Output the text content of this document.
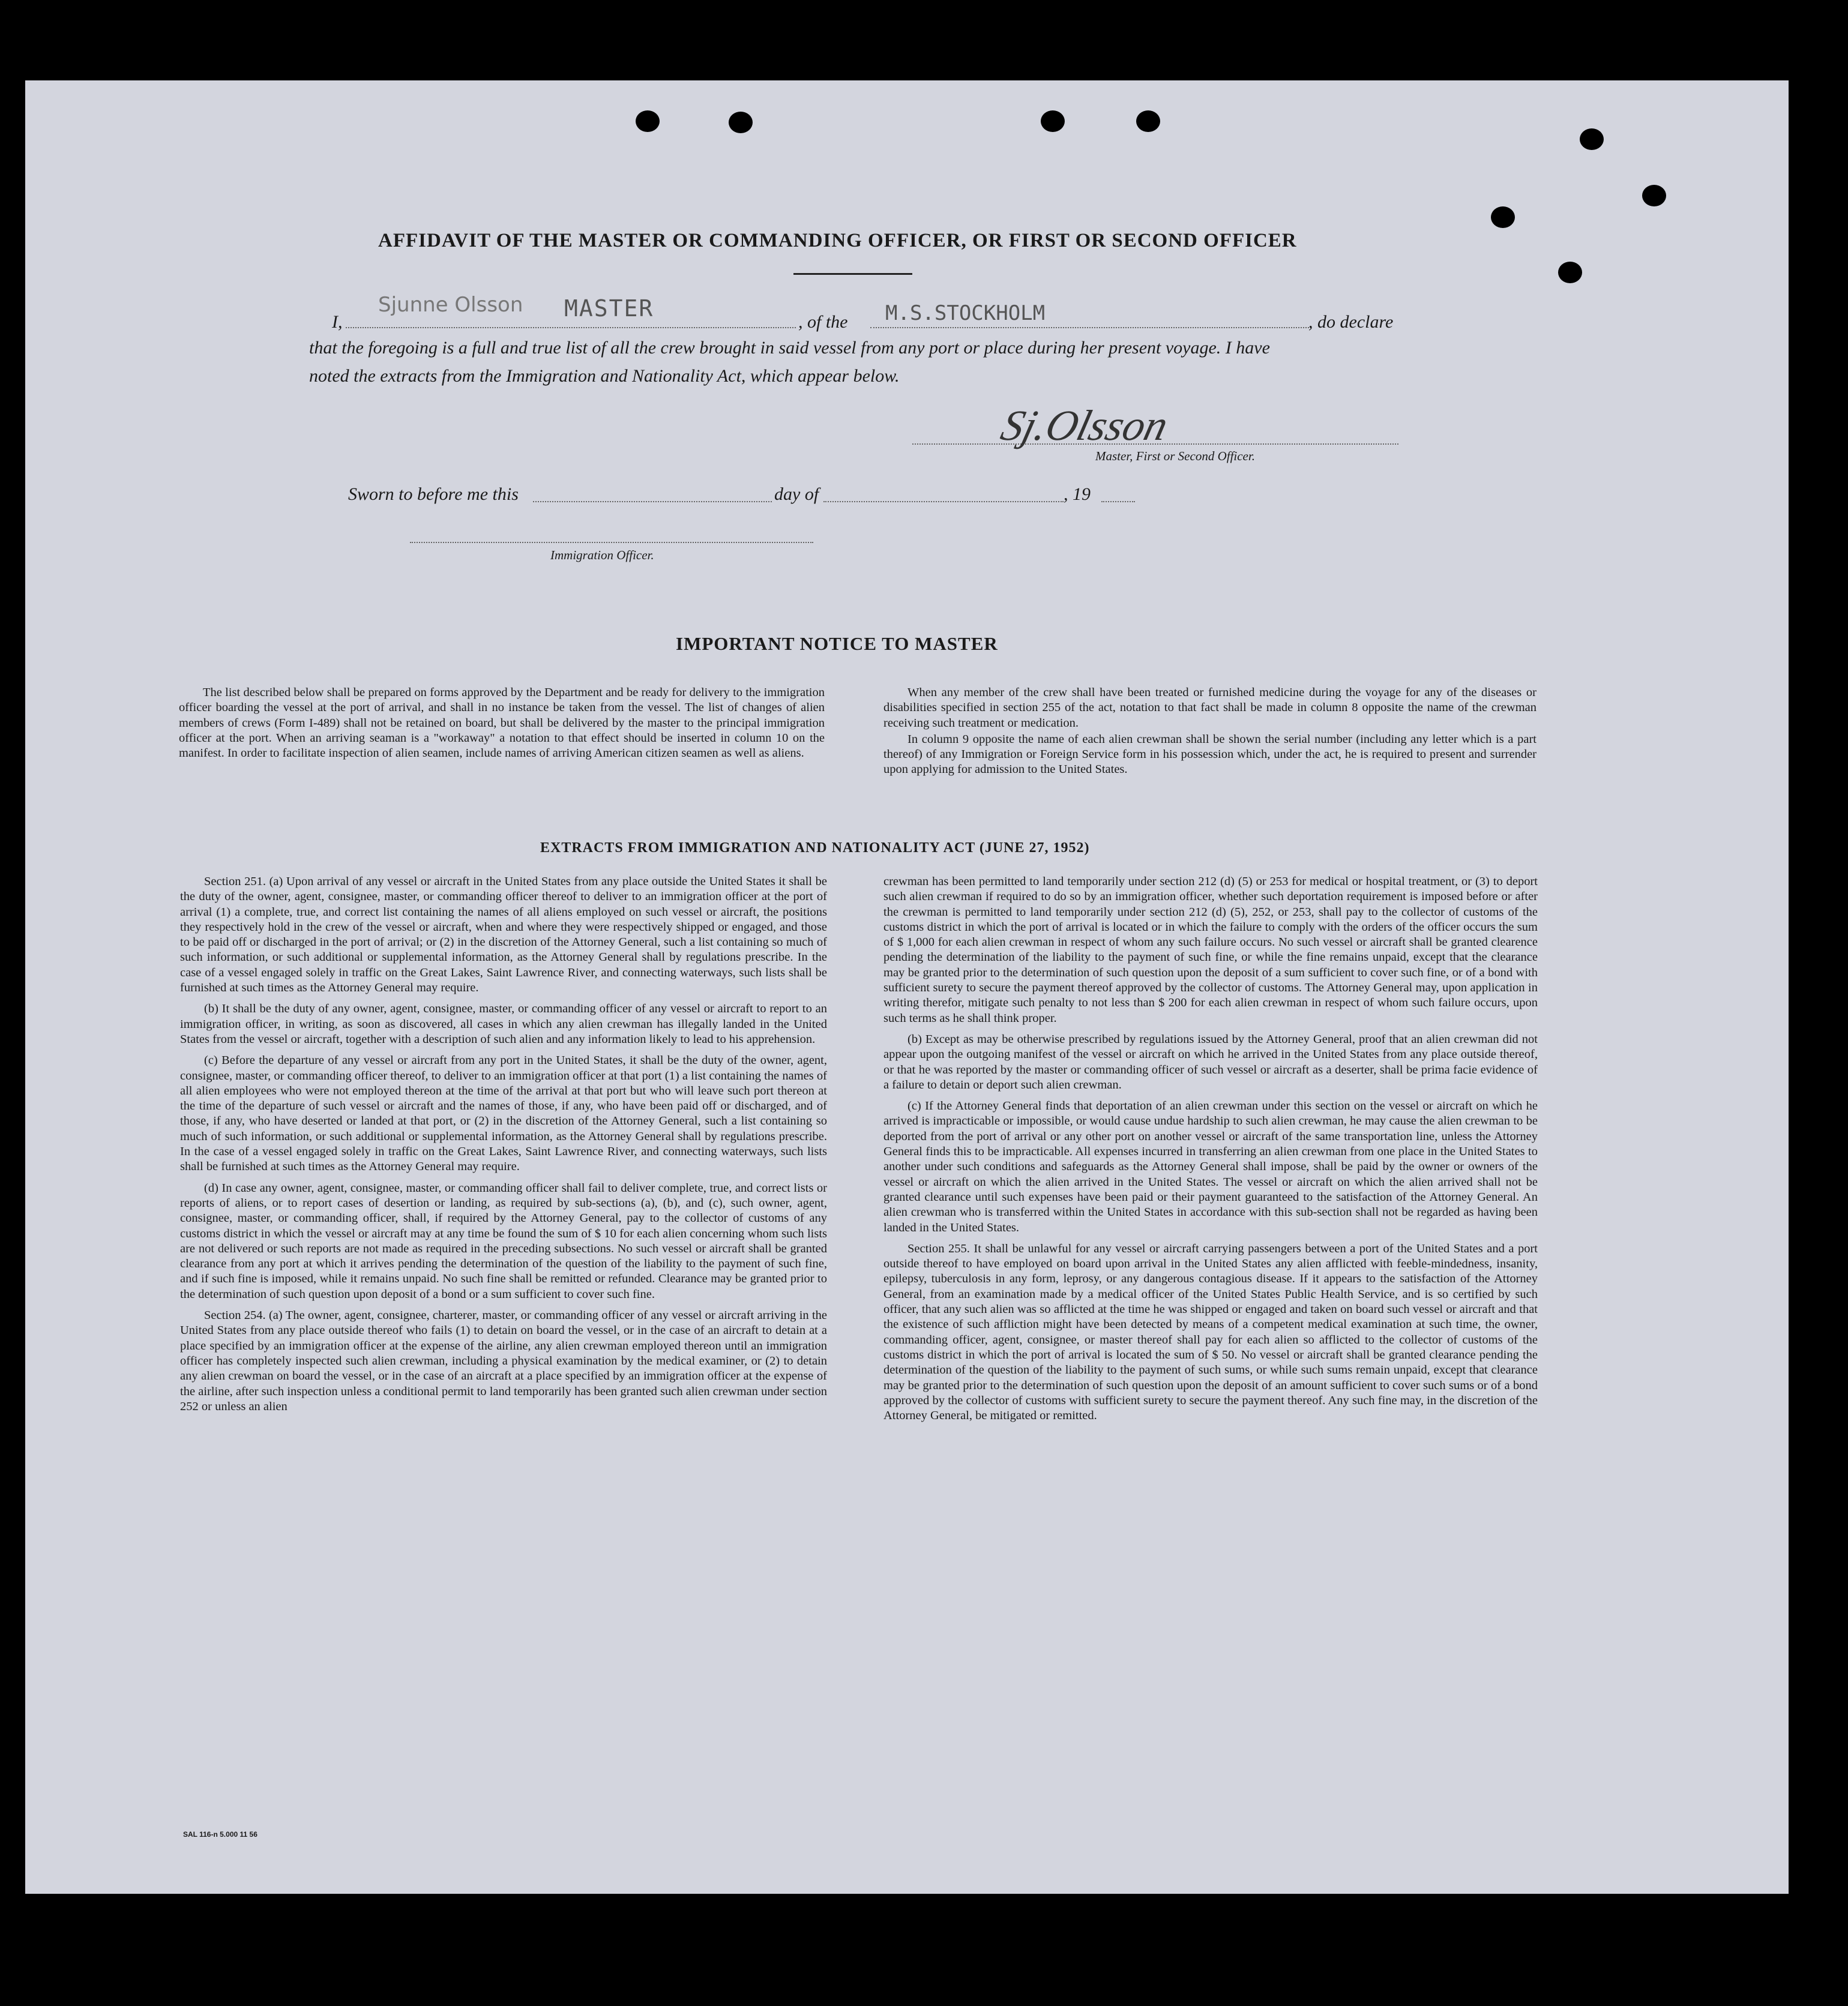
AFFIDAVIT OF THE MASTER OR COMMANDING OFFICER, OR FIRST OR SECOND OFFICER
I,
Sjunne Olsson MASTER
, of the M.S.STOCKHOLM	, do declare
that the foregoing is a full and true list of all the crew brought in said vessel from any port or place during her present voyage. I have
noted the extracts from the Immigration and Nationality Act, which appear below.
Sj.Olsson
Master, First or Second Officer.
Sworn to before me this	day of	, 19
Immigration Officer.
IMPORTANT NOTICE TO MASTER

The list described below shall be prepared on forms approved by the Department and be ready for delivery to the immigration officer boarding the vessel at the port of arrival, and shall in no instance be taken from the vessel. The list of changes of alien members of crews (Form I-489) shall not be retained on board, but shall be delivered by the master to the principal immigration officer at the port. When an arriving seaman is a "workaway" a notation to that effect should be inserted in column 10 on the manifest. In order to facilitate inspection of alien seamen, include names of arriving American citizen seamen as well as aliens.

When any member of the crew shall have been treated or furnished medicine during the voyage for any of the diseases or disabilities specified in section 255 of the act, notation to that fact shall be made in column 8 opposite the name of the crewman receiving such treatment or medication.

In column 9 opposite the name of each alien crewman shall be shown the serial number (including any letter which is a part thereof) of any Immigration or Foreign Service form in his possession which, under the act, he is required to present and surrender upon applying for admission to the United States.

EXTRACTS FROM IMMIGRATION AND NATIONALITY ACT (JUNE 27, 1952)

Section 251. (a) Upon arrival of any vessel or aircraft in the United States from any place outside the United States it shall be the duty of the owner, agent, consignee, master, or commanding officer thereof to deliver to an immigration officer at the port of arrival (1) a complete, true, and correct list containing the names of all aliens employed on such vessel or aircraft, the positions they respectively hold in the crew of the vessel or aircraft, when and where they were respectively shipped or engaged, and those to be paid off or discharged in the port of arrival; or (2) in the discretion of the Attorney General, such a list containing so much of such information, or such additional or supplemental information, as the Attorney General shall by regulations prescribe. In the case of a vessel engaged solely in traffic on the Great Lakes, Saint Lawrence River, and connecting waterways, such lists shall be furnished at such times as the Attorney General may require.

(b) It shall be the duty of any owner, agent, consignee, master, or commanding officer of any vessel or aircraft to report to an immigration officer, in writing, as soon as discovered, all cases in which any alien crewman has illegally landed in the United States from the vessel or aircraft, together with a description of such alien and any information likely to lead to his apprehension.

(c) Before the departure of any vessel or aircraft from any port in the United States, it shall be the duty of the owner, agent, consignee, master, or commanding officer thereof, to deliver to an immigration officer at that port (1) a list containing the names of all alien employees who were not employed thereon at the time of the arrival at that port but who will leave such port thereon at the time of the departure of such vessel or aircraft and the names of those, if any, who have been paid off or discharged, and of those, if any, who have deserted or landed at that port, or (2) in the discretion of the Attorney General, such a list containing so much of such information, or such additional or supplemental information, as the Attorney General shall by regulations prescribe. In the case of a vessel engaged solely in traffic on the Great Lakes, Saint Lawrence River, and connecting waterways, such lists shall be furnished at such times as the Attorney General may require.

(d) In case any owner, agent, consignee, master, or commanding officer shall fail to deliver complete, true, and correct lists or reports of aliens, or to report cases of desertion or landing, as required by sub-sections (a), (b), and (c), such owner, agent, consignee, master, or commanding officer, shall, if required by the Attorney General, pay to the collector of customs of any customs district in which the vessel or aircraft may at any time be found the sum of $ 10 for each alien concerning whom such lists are not delivered or such reports are not made as required in the preceding subsections. No such vessel or aircraft shall be granted clearance from any port at which it arrives pending the determination of the question of the liability to the payment of such fine, and if such fine is imposed, while it remains unpaid. No such fine shall be remitted or refunded. Clearance may be granted prior to the determination of such question upon deposit of a bond or a sum sufficient to cover such fine.

Section 254. (a) The owner, agent, consignee, charterer, master, or commanding officer of any vessel or aircraft arriving in the United States from any place outside thereof who fails (1) to detain on board the vessel, or in the case of an aircraft to detain at a place specified by an immigration officer at the expense of the airline, any alien crewman employed thereon until an immigration officer has completely inspected such alien crewman, including a physical examination by the medical examiner, or (2) to detain any alien crewman on board the vessel, or in the case of an aircraft at a place specified by an immigration officer at the expense of the airline, after such inspection unless a conditional permit to land temporarily has been granted such alien crewman under section 252 or unless an alien

crewman has been permitted to land temporarily under section 212 (d) (5) or 253 for medical or hospital treatment, or (3) to deport such alien crewman if required to do so by an immigration officer, whether such deportation requirement is imposed before or after the crewman is permitted to land temporarily under section 212 (d) (5), 252, or 253, shall pay to the collector of customs of the customs district in which the port of arrival is located or in which the failure to comply with the orders of the officer occurs the sum of $ 1,000 for each alien crewman in respect of whom any such failure occurs. No such vessel or aircraft shall be granted clearence pending the determination of the liability to the payment of such fine, or while the fine remains unpaid, except that the clearance may be granted prior to the determination of such question upon the deposit of a sum sufficient to cover such fine, or of a bond with sufficient surety to secure the payment thereof approved by the collector of customs. The Attorney General may, upon application in writing therefor, mitigate such penalty to not less than $ 200 for each alien crewman in respect of whom such failure occurs, upon such terms as he shall think proper.

(b) Except as may be otherwise prescribed by regulations issued by the Attorney General, proof that an alien crewman did not appear upon the outgoing manifest of the vessel or aircraft on which he arrived in the United States from any place outside thereof, or that he was reported by the master or commanding officer of such vessel or aircraft as a deserter, shall be prima facie evidence of a failure to detain or deport such alien crewman.

(c) If the Attorney General finds that deportation of an alien crewman under this section on the vessel or aircraft on which he arrived is impracticable or impossible, or would cause undue hardship to such alien crewman, he may cause the alien crewman to be deported from the port of arrival or any other port on another vessel or aircraft of the same transportation line, unless the Attorney General finds this to be impracticable. All expenses incurred in transferring an alien crewman from one place in the United States to another under such conditions and safeguards as the Attorney General shall impose, shall be paid by the owner or owners of the vessel or aircraft on which the alien arrived in the United States. The vessel or aircraft on which the alien arrived shall not be granted clearance until such expenses have been paid or their payment guaranteed to the satisfaction of the Attorney General. An alien crewman who is transferred within the United States in accordance with this sub-section shall not be regarded as having been landed in the United States.

Section 255. It shall be unlawful for any vessel or aircraft carrying passengers between a port of the United States and a port outside thereof to have employed on board upon arrival in the United States any alien afflicted with feeble-mindedness, insanity, epilepsy, tuberculosis in any form, leprosy, or any dangerous contagious disease. If it appears to the satisfaction of the Attorney General, from an examination made by a medical officer of the United States Public Health Service, and is so certified by such officer, that any such alien was so afflicted at the time he was shipped or engaged and taken on board such vessel or aircraft and that the existence of such affliction might have been detected by means of a competent medical examination at such time, the owner, commanding officer, agent, consignee, or master thereof shall pay for each alien so afflicted to the collector of customs of the customs district in which the port of arrival is located the sum of $ 50. No vessel or aircraft shall be granted clearance pending the determination of the question of the liability to the payment of such sums, or while such sums remain unpaid, except that clearance may be granted prior to the determination of such question upon the deposit of an amount sufficient to cover such sums or of a bond approved by the collector of customs with sufficient surety to secure the payment thereof. Any such fine may, in the discretion of the Attorney General, be mitigated or remitted.

SAL 116-n 5.000 11 56
